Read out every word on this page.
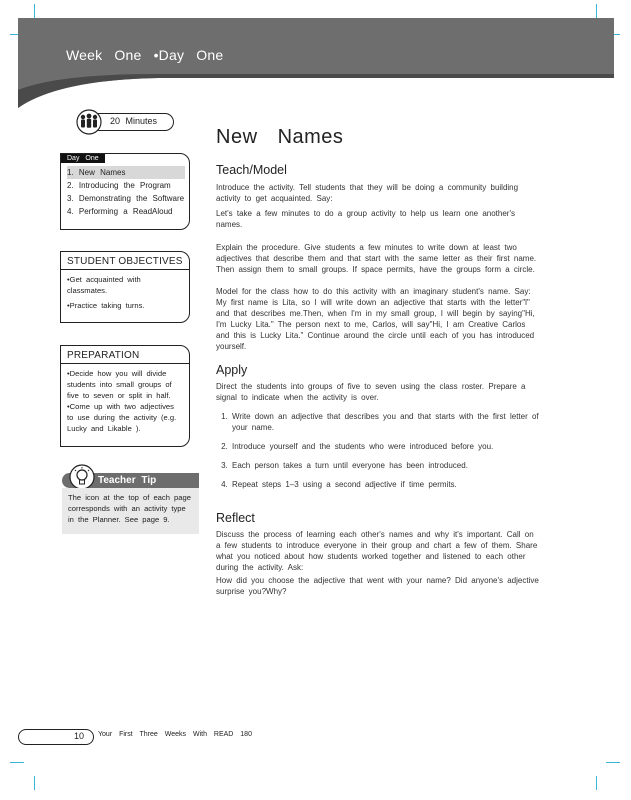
Week One •Day One
20 Minutes
New Names
Day One
1. New Names
2. Introducing the Program
3. Demonstrating the Software
4. Performing a ReadAloud
STUDENT OBJECTIVES
•Get acquainted with classmates.
•Practice taking turns.
PREPARATION
•Decide how you will divide students into small groups of five to seven or split in half.
•Come up with two adjectives to use during the activity (e.g. Lucky and Likable ).
Teacher Tip
The icon at the top of each page corresponds with an activity type in the Planner. See page 9.
Teach/Model

Introduce the activity. Tell students that they will be doing a community building activity to get acquainted. Say:

Let's take a few minutes to do a group activity to help us learn one another's names.

Explain the procedure. Give students a few minutes to write down at least two adjectives that describe them and that start with the same letter as their first name. Then assign them to small groups. If space permits, have the groups form a circle.

Model for the class how to do this activity with an imaginary student's name. Say:

My first name is Lita, so I will write down an adjective that starts with the letter"l" and that describes me.Then, when I'm in my small group, I will begin by saying"Hi, I'm Lucky Lita." The person next to me, Carlos, will say"Hi, I am Creative Carlos and this is Lucky Lita." Continue around the circle until each of you has introduced yourself.

Apply

Direct the students into groups of five to seven using the class roster. Prepare a signal to indicate when the activity is over.

1. Write down an adjective that describes you and that starts with the first letter of your name.
2. Introduce yourself and the students who were introduced before you.
3. Each person takes a turn until everyone has been introduced.
4. Repeat steps 1–3 using a second adjective if time permits.
Reflect

Discuss the process of learning each other's names and why it's important. Call on a few students to introduce everyone in their group and chart a few of them. Share what you noticed about how students worked together and listened to each other during the activity. Ask:

How did you choose the adjective that went with your name? Did anyone's adjective surprise you?Why?

10 Your First Three Weeks With READ 180
